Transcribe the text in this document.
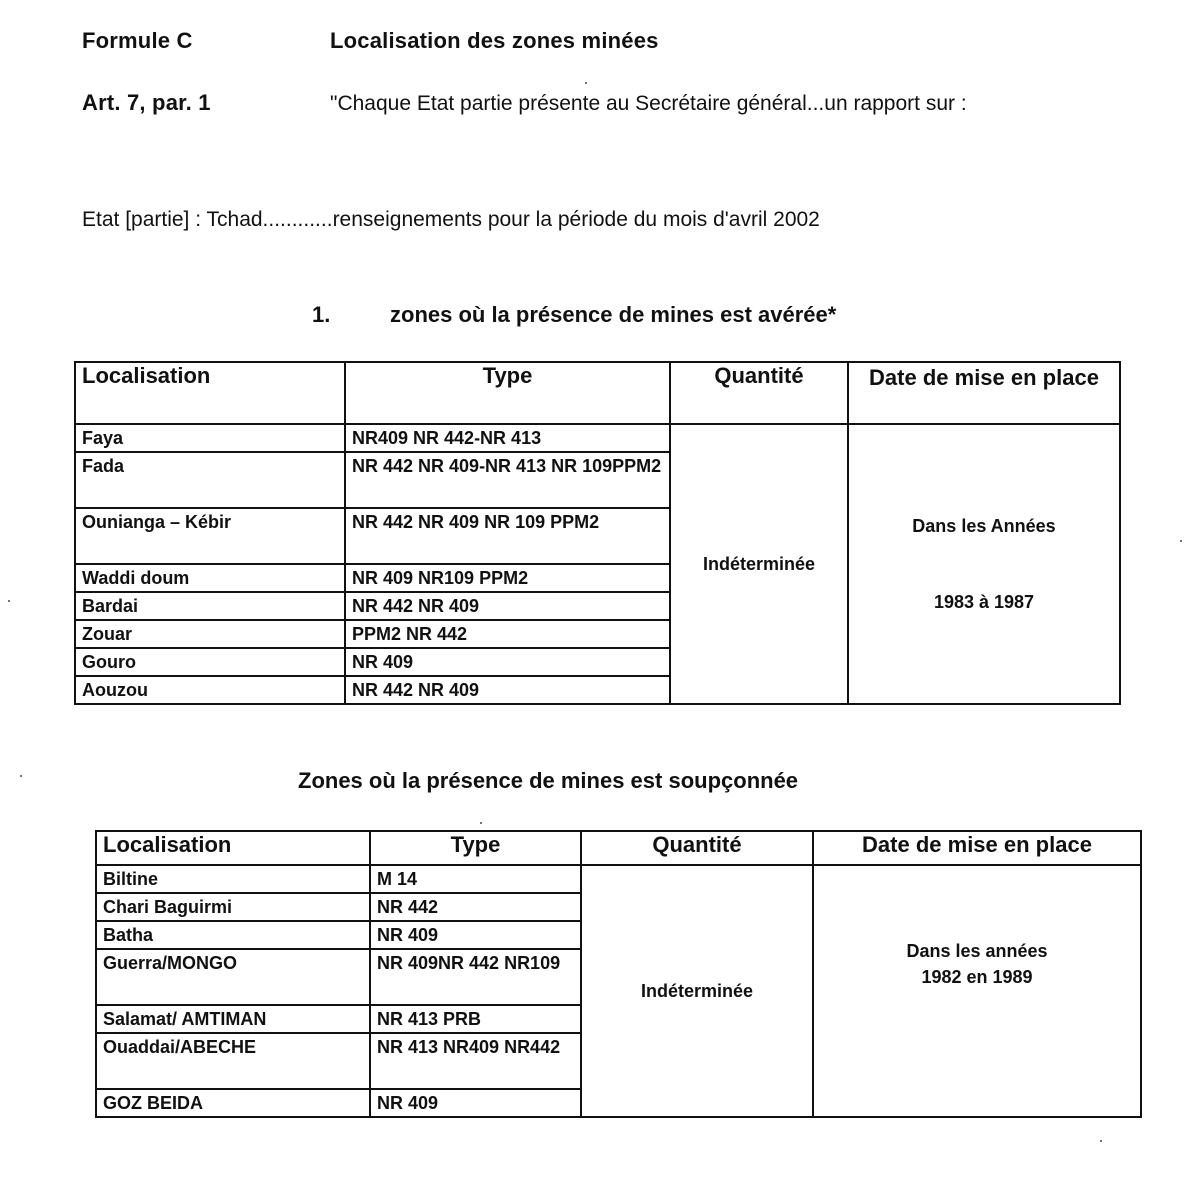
Formule C	Localisation des zones minées
Art. 7, par. 1	"Chaque Etat partie présente au Secrétaire général...un rapport sur :
Etat [partie] : Tchad............renseignements pour la période du mois d'avril 2002
1.	zones où la présence de mines est avérée*
Localisation	Type	Quantité	Date de mise en place
Faya	NR409 NR 442-NR 413	Indéterminée	Dans les Années
1983 à 1987

Fada	NR 442 NR 409-NR 413 NR 109PPM2		
Ounianga – Kébir	NR 442 NR 409 NR 109 PPM2		
Waddi doum	NR 409 NR109 PPM2		
Bardai	NR 442 NR 409		
Zouar	PPM2 NR 442		
Gouro	NR 409		
Aouzou	NR 442 NR 409		
Zones où la présence de mines est soupçonnée
Localisation	Type	Quantité	Date de mise en place
Biltine	M 14	Indéterminée	Dans les années
1982 en 1989

Chari Baguirmi	NR 442		
Batha	NR 409		
Guerra/MONGO	NR 409NR 442 NR109		
Salamat/ AMTIMAN	NR 413 PRB		
Ouaddai/ABECHE	NR 413 NR409 NR442		
GOZ BEIDA	NR 409		
